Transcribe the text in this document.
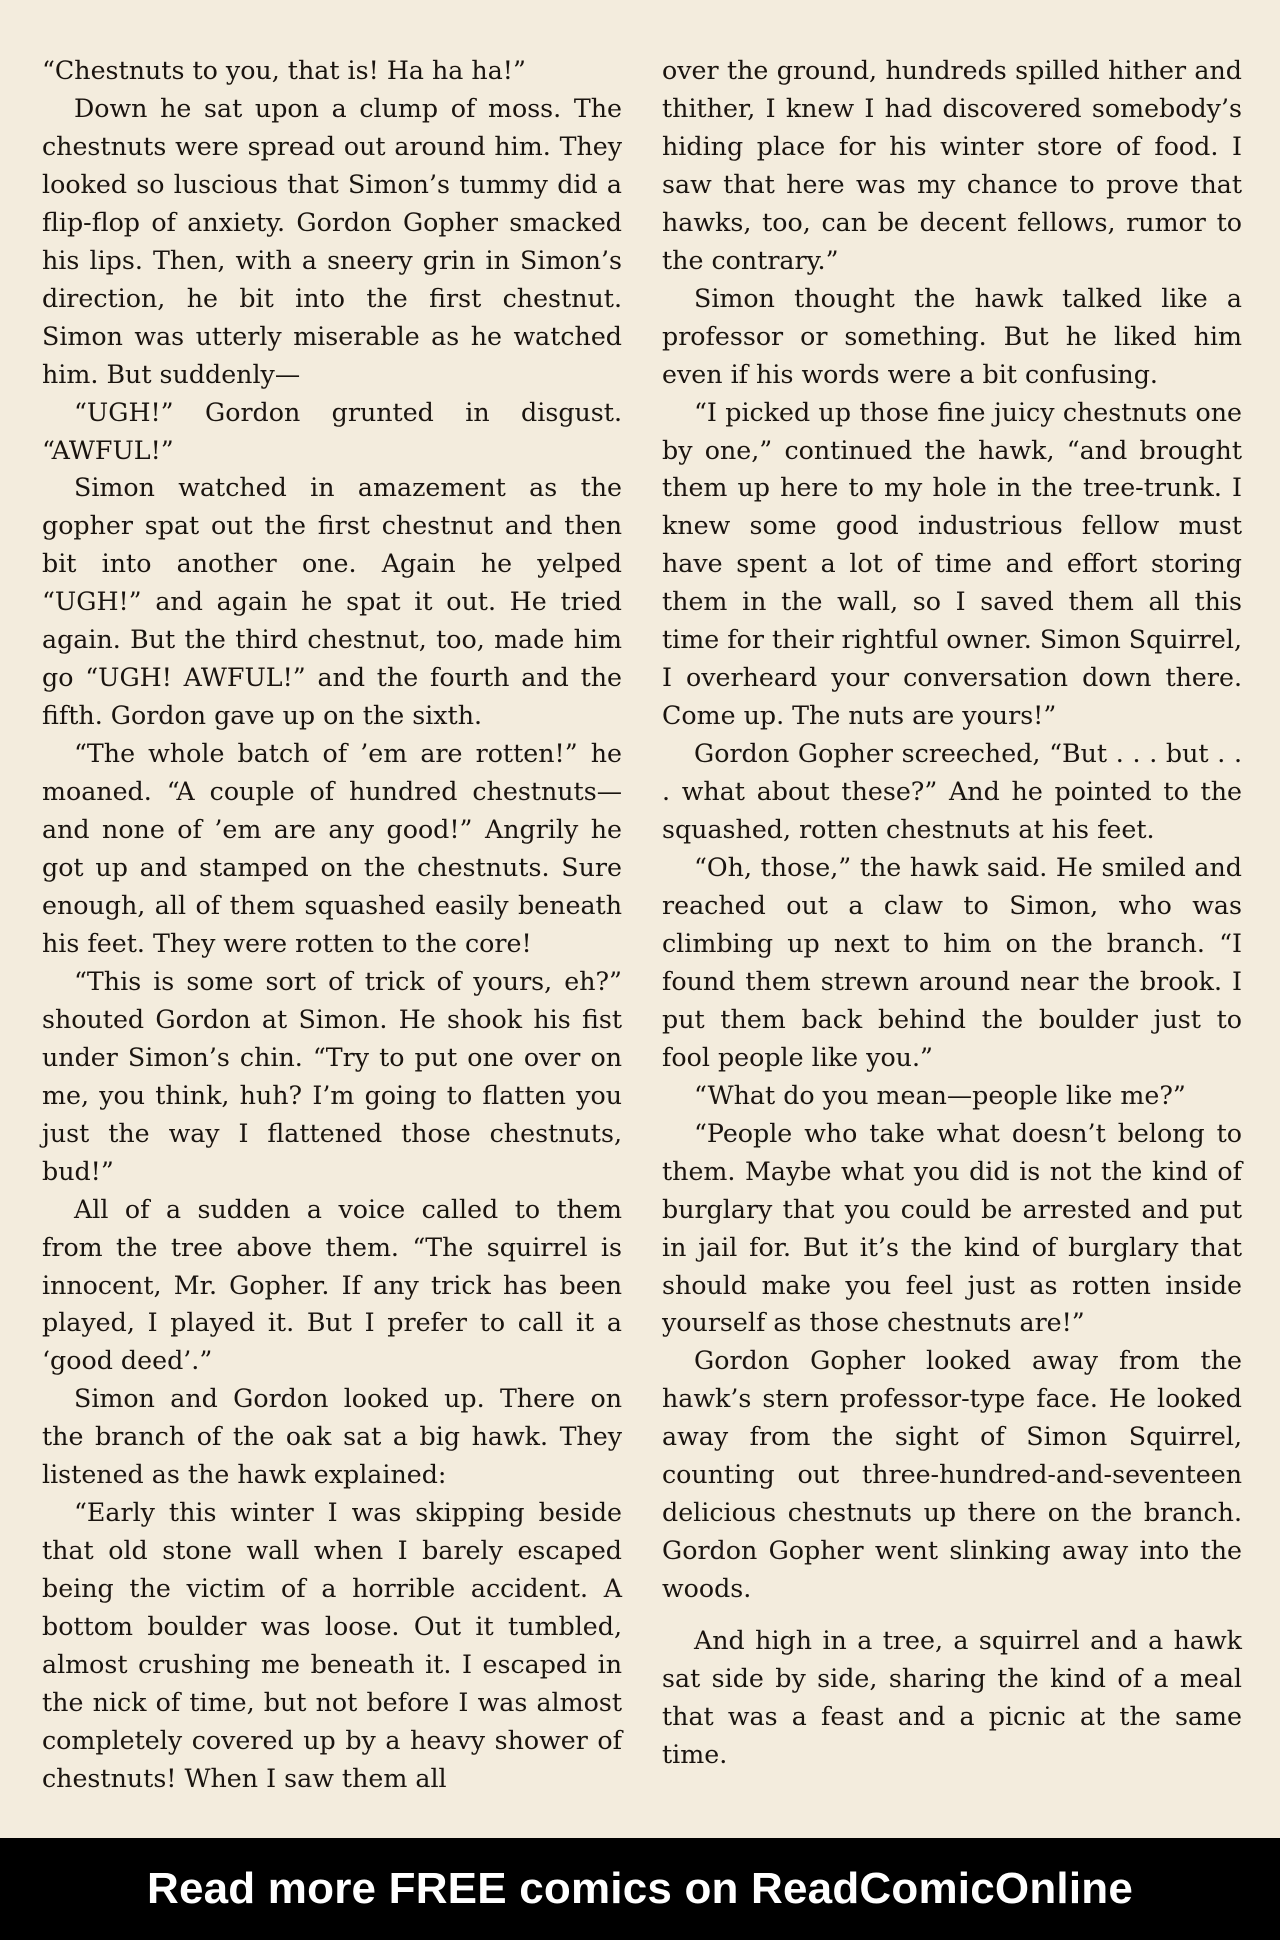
“Chestnuts to you, that is! Ha ha ha!”

Down he sat upon a clump of moss. The chestnuts were spread out around him. They looked so luscious that Simon’s tummy did a flip-flop of anxiety. Gordon Gopher smacked his lips. Then, with a sneery grin in Simon’s direction, he bit into the first chestnut. Simon was utterly miserable as he watched him. But suddenly—

“UGH!” Gordon grunted in disgust. “AWFUL!”

Simon watched in amazement as the gopher spat out the first chestnut and then bit into another one. Again he yelped “UGH!” and again he spat it out. He tried again. But the third chestnut, too, made him go “UGH! AWFUL!” and the fourth and the fifth. Gordon gave up on the sixth.

“The whole batch of ’em are rotten!” he moaned. “A couple of hundred chestnuts— and none of ’em are any good!” Angrily he got up and stamped on the chestnuts. Sure enough, all of them squashed easily beneath his feet. They were rotten to the core!

“This is some sort of trick of yours, eh?” shouted Gordon at Simon. He shook his fist under Simon’s chin. “Try to put one over on me, you think, huh? I’m going to flatten you just the way I flattened those chestnuts, bud!”

All of a sudden a voice called to them from the tree above them. “The squirrel is innocent, Mr. Gopher. If any trick has been played, I played it. But I prefer to call it a ‘good deed’.”

Simon and Gordon looked up. There on the branch of the oak sat a big hawk. They listened as the hawk explained:

“Early this winter I was skipping beside that old stone wall when I barely escaped being the victim of a horrible accident. A bottom boulder was loose. Out it tumbled, almost crushing me beneath it. I escaped in the nick of time, but not before I was almost completely covered up by a heavy shower of chestnuts! When I saw them all

over the ground, hundreds spilled hither and thither, I knew I had discovered somebody’s hiding place for his winter store of food. I saw that here was my chance to prove that hawks, too, can be decent fellows, rumor to the contrary.”

Simon thought the hawk talked like a professor or something. But he liked him even if his words were a bit confusing.

“I picked up those fine juicy chestnuts one by one,” continued the hawk, “and brought them up here to my hole in the tree-trunk. I knew some good industrious fellow must have spent a lot of time and effort storing them in the wall, so I saved them all this time for their rightful owner. Simon Squirrel, I overheard your conversation down there. Come up. The nuts are yours!”

Gordon Gopher screeched, “But . . . but . . . what about these?” And he pointed to the squashed, rotten chestnuts at his feet.

“Oh, those,” the hawk said. He smiled and reached out a claw to Simon, who was climbing up next to him on the branch. “I found them strewn around near the brook. I put them back behind the boulder just to fool people like you.”

“What do you mean—people like me?”

“People who take what doesn’t belong to them. Maybe what you did is not the kind of burglary that you could be arrested and put in jail for. But it’s the kind of burglary that should make you feel just as rotten inside yourself as those chestnuts are!”

Gordon Gopher looked away from the hawk’s stern professor-type face. He looked away from the sight of Simon Squirrel, counting out three-hundred-and-seventeen delicious chestnuts up there on the branch. Gordon Gopher went slinking away into the woods.

And high in a tree, a squirrel and a hawk sat side by side, sharing the kind of a meal that was a feast and a picnic at the same time.

Read more FREE comics on ReadComicOnline
